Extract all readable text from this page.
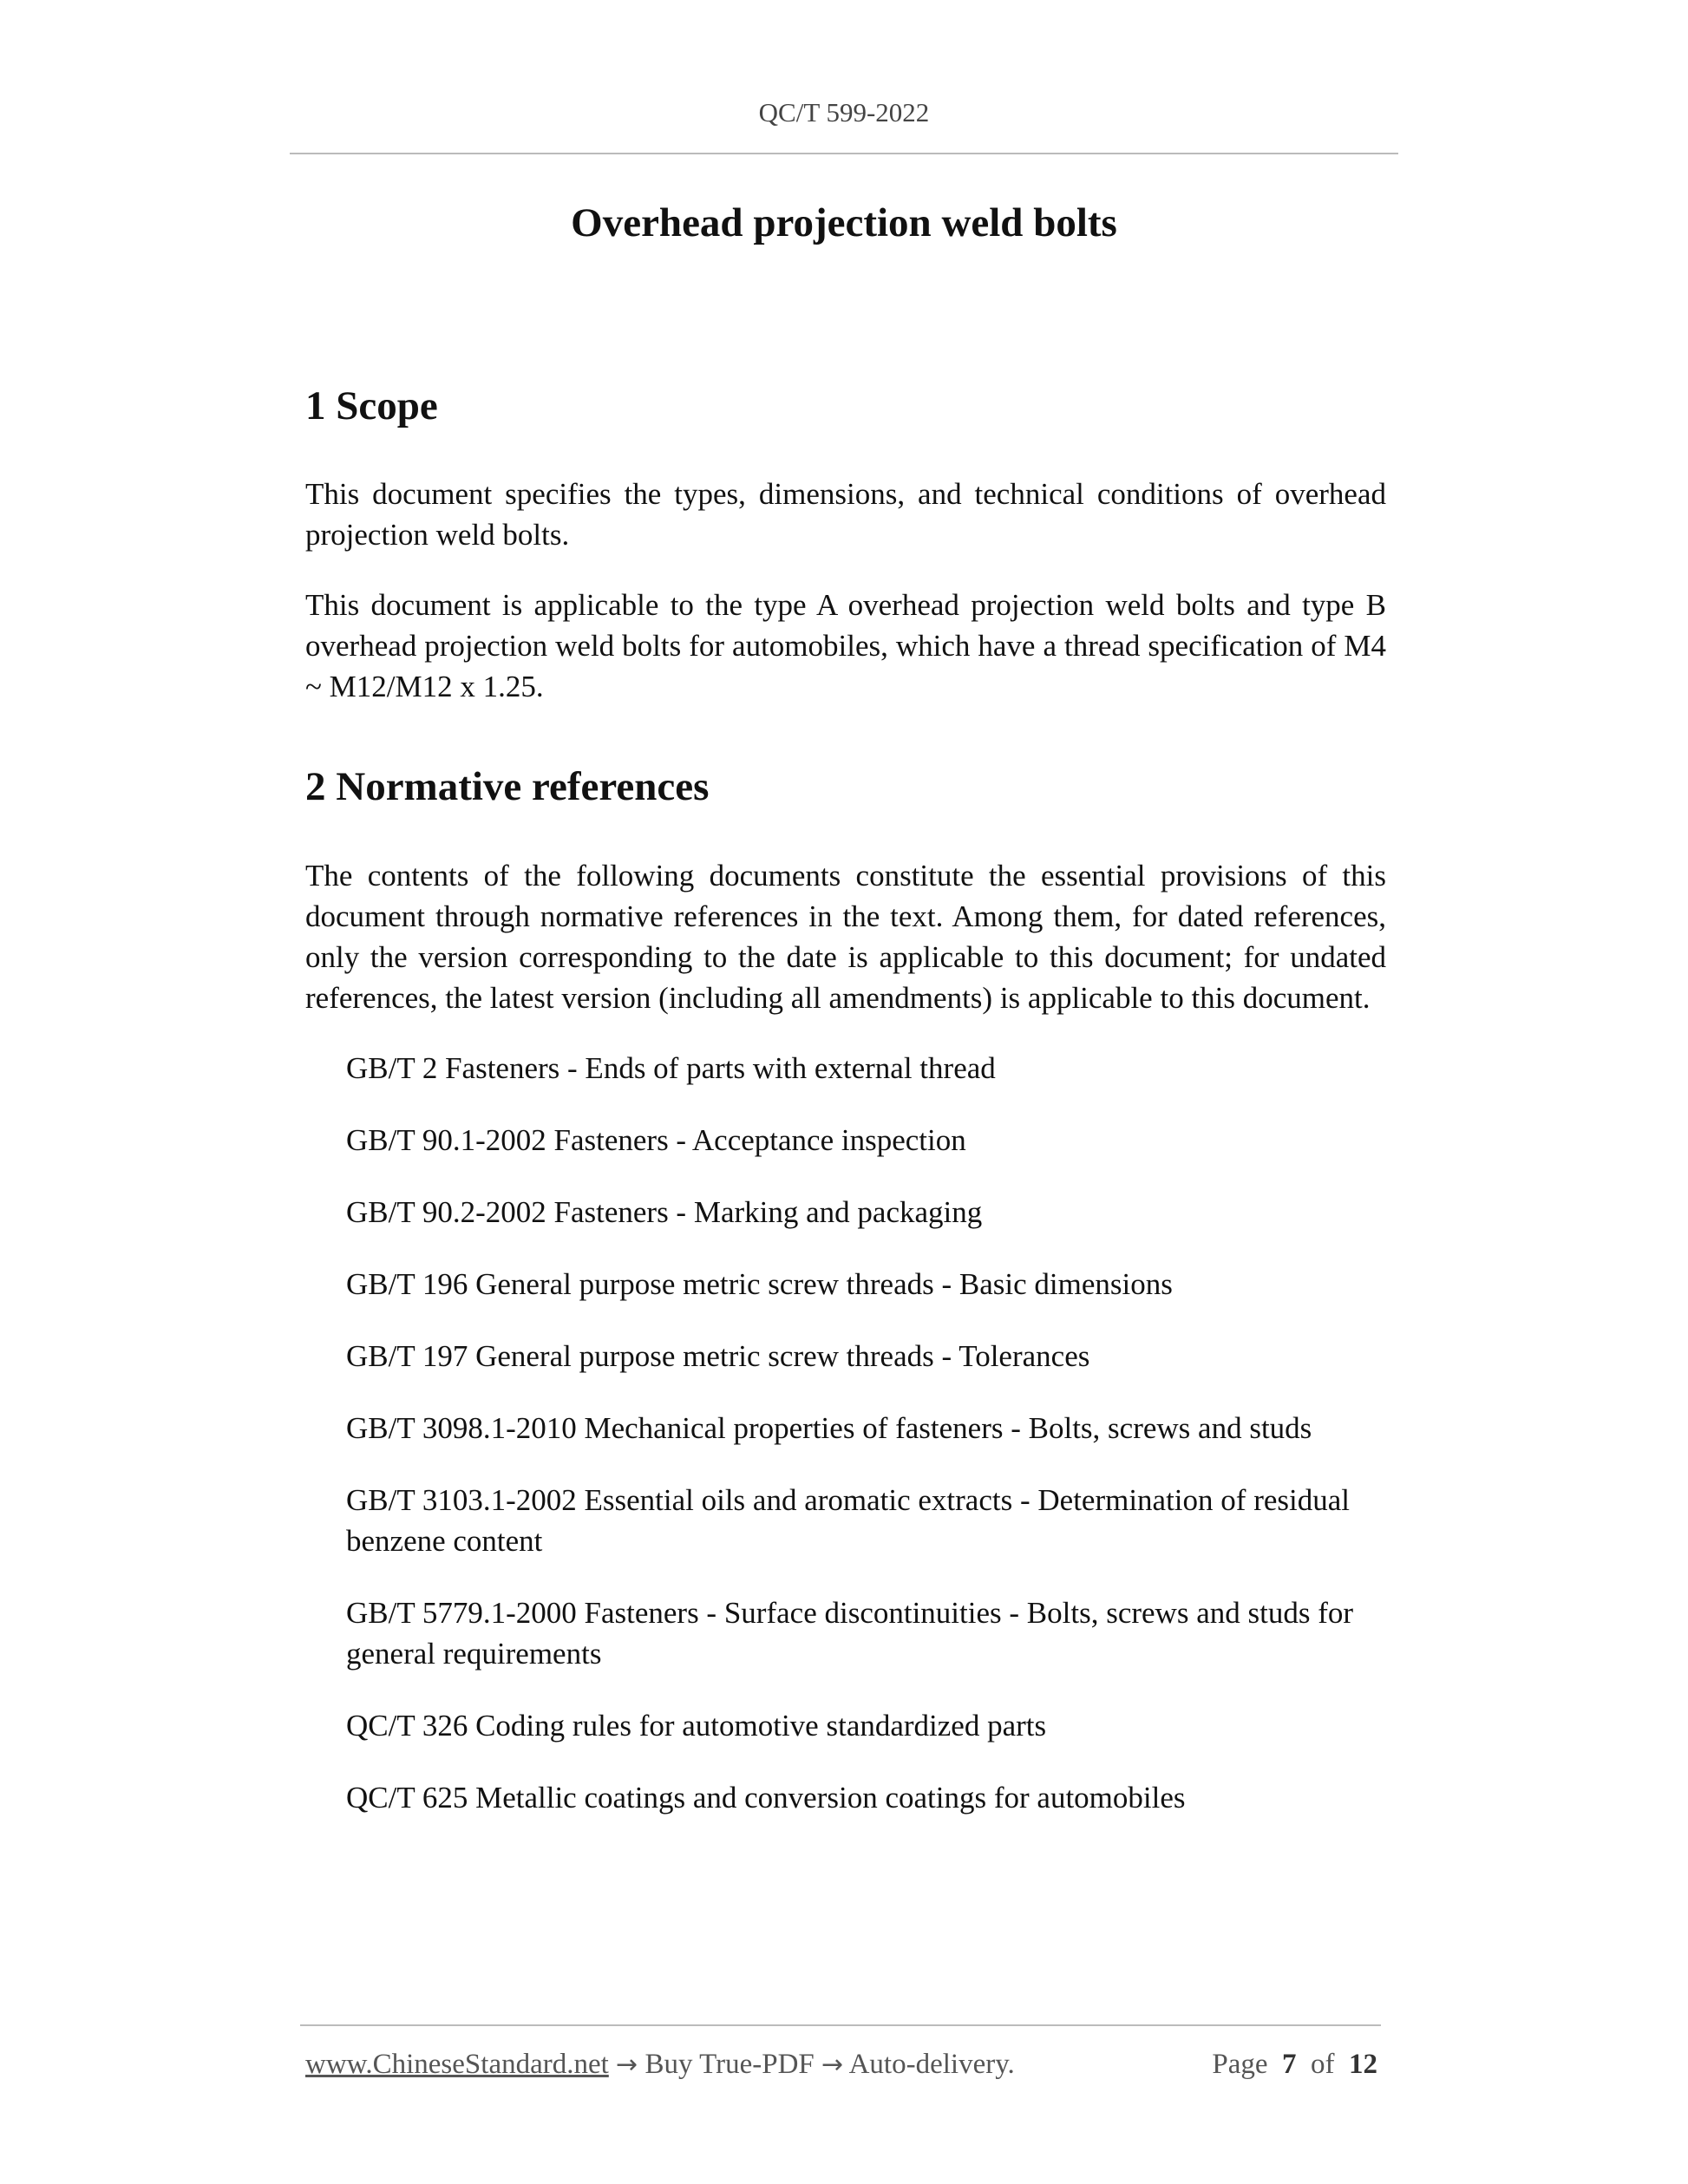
QC/T 599-2022
Overhead projection weld bolts
1 Scope

This document specifies the types, dimensions, and technical conditions of overhead projection weld bolts.

This document is applicable to the type A overhead projection weld bolts and type B overhead projection weld bolts for automobiles, which have a thread specification of M4 ~ M12/M12 x 1.25.

2 Normative references

The contents of the following documents constitute the essential provisions of this document through normative references in the text. Among them, for dated references, only the version corresponding to the date is applicable to this document; for undated references, the latest version (including all amendments) is applicable to this document.

GB/T 2 Fasteners - Ends of parts with external thread
GB/T 90.1-2002 Fasteners - Acceptance inspection
GB/T 90.2-2002 Fasteners - Marking and packaging
GB/T 196 General purpose metric screw threads - Basic dimensions
GB/T 197 General purpose metric screw threads - Tolerances
GB/T 3098.1-2010 Mechanical properties of fasteners - Bolts, screws and studs
GB/T 3103.1-2002 Essential oils and aromatic extracts - Determination of residual benzene content
GB/T 5779.1-2000 Fasteners - Surface discontinuities - Bolts, screws and studs for general requirements
QC/T 326 Coding rules for automotive standardized parts
QC/T 625 Metallic coatings and conversion coatings for automobiles
www.ChineseStandard.net → Buy True-PDF → Auto-delivery.	Page 7 of 12
